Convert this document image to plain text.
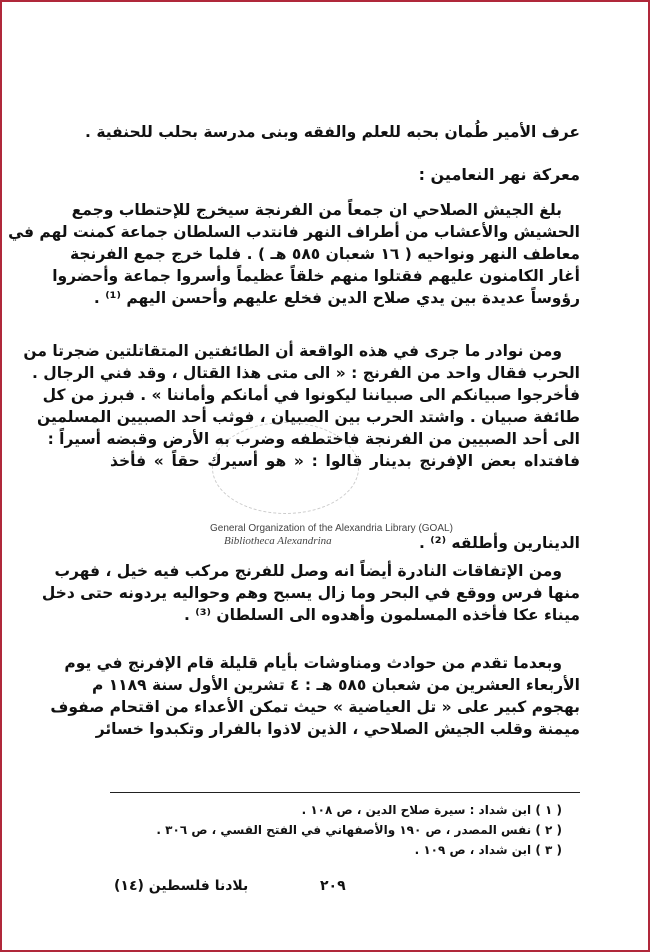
عرف الأمير طُمان بحبه للعلم والفقه وبنى مدرسة بحلب للحنفية .
معركة نهر النعامين :
بلغ الجيش الصلاحي ان جمعاً من الفرنجة سيخرج للإحتطاب وجمع
الحشيش والأعشاب من أطراف النهر فانتدب السلطان جماعة كمنت لهم في
معاطف النهر ونواحيه ( ١٦ شعبان ٥٨٥ هـ ) . فلما خرج جمع الفرنجة
أغار الكامنون عليهم فقتلوا منهم خلقاً عظيماً وأسروا جماعة وأحضروا
رؤوساً عديدة بين يدي صلاح الدين فخلع عليهم وأحسن اليهم ⁽¹⁾ .
ومن نوادر ما جرى في هذه الواقعة أن الطائفتين المتقاتلتين ضجرتا من
الحرب فقال واحد من الفرنج : « الى متى هذا القتال ، وقد فني الرجال .
فأخرجوا صبيانكم الى صبياننا ليكونوا في أمانكم وأماننا » . فبرز من كل
طائفة صبيان . واشتد الحرب بين الصبيان ، فوثب أحد الصبيين المسلمين
الى أحد الصبيين من الفرنجة فاختطفه وضرب به الأرض وقبضه أسيراً :
فافتداه بعض الإفرنج بدينار قالوا : « هو أسيرك حقاً » فأخذ
الدينارين وأطلقه ⁽²⁾ .
ومن الإتفاقات النادرة أيضاً انه وصل للفرنج مركب فيه خيل ، فهرب
منها فرس ووقع في البحر وما زال يسبح وهم وحواليه يردونه حتى دخل
ميناء عكا فأخذه المسلمون وأهدوه الى السلطان ⁽³⁾ .
وبعدما تقدم من حوادث ومناوشات بأيام قليلة قام الإفرنج في يوم
الأربعاء العشرين من شعبان ٥٨٥ هـ : ٤ تشرين الأول سنة ١١٨٩ م
بهجوم كبير على « تل العياضية » حيث تمكن الأعداء من اقتحام صفوف
ميمنة وقلب الجيش الصلاحي ، الذين لاذوا بالفرار وتكبدوا خسائر
General Organization of the Alexandria Library (GOAL)
Bibliotheca Alexandrina
( ١ ) ابن شداد : سيرة صلاح الدين ، ص ١٠٨ .
( ٢ ) نفس المصدر ، ص ١٩٠ والأصفهاني في الفتح القسي ، ص ٣٠٦ .
( ٣ ) ابن شداد ، ص ١٠٩ .
٢٠٩
بلادنا فلسطين (١٤)
